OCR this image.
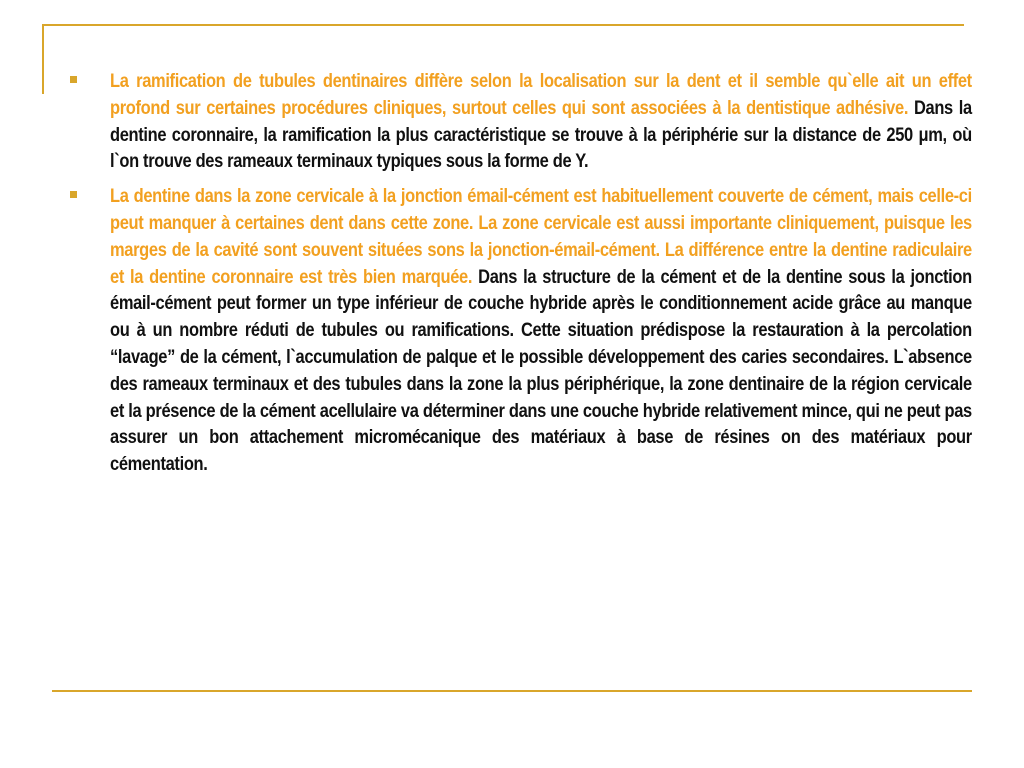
La ramification de tubules dentinaires diffère selon la localisation sur la dent et il semble qu`elle ait un effet profond sur certaines procédures cliniques, surtout celles qui sont associées à la dentistique adhésive. Dans la dentine coronnaire, la ramification la plus caractéristique se trouve à la périphérie sur la distance de 250 μm, où l`on trouve des rameaux terminaux typiques sous la forme de Y.
La dentine dans la zone cervicale à la jonction émail-cément est habituellement couverte de cément, mais celle-ci peut manquer à certaines dent dans cette zone. La zone cervicale est aussi importante cliniquement, puisque les marges de la cavité sont souvent situées sons la jonction-émail-cément. La différence entre la dentine radiculaire et la dentine coronnaire est très bien marquée. Dans la structure de la cément et de la dentine sous la jonction émail-cément peut former un type inférieur de couche hybride après le conditionnement acide grâce au manque ou à un nombre réduti de tubules ou ramifications. Cette situation prédispose la restauration à la percolation “lavage” de la cément, l`accumulation de palque et le possible développement des caries secondaires. L`absence des rameaux terminaux et des tubules dans la zone la plus périphérique, la zone dentinaire de la région cervicale et la présence de la cément acellulaire va déterminer dans une couche hybride relativement mince, qui ne peut pas assurer un bon attachement micromécanique des matériaux à base de résines on des matériaux pour cémentation.
